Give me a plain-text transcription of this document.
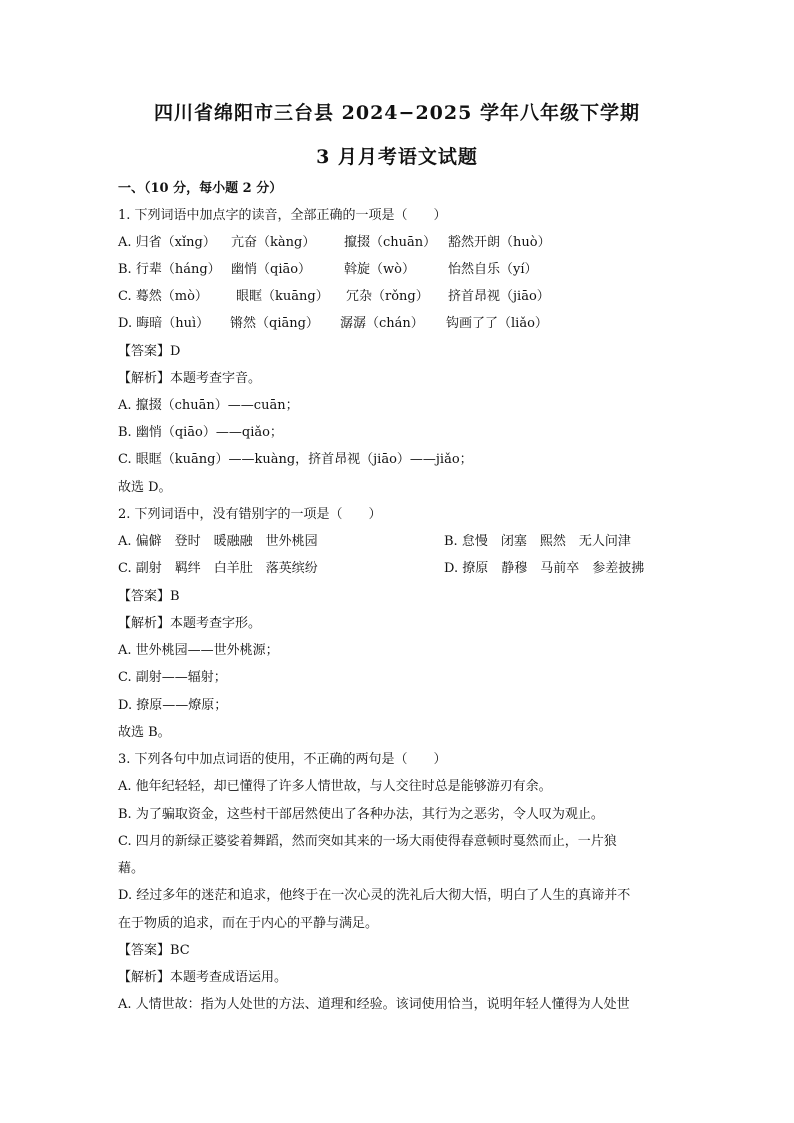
四川省绵阳市三台县 2024−2025 学年八年级下学期
3 月月考语文试题
一、（10 分，每小题 2 分）
1. 下列词语中加点字的读音，全部正确的一项是（　　）
A. 归省（xǐng） 亢奋（kàng） 攛掇（chuān） 豁然开朗（huò）
B. 行辈（háng） 幽悄（qiāo）	斡旋（wò）	怡然自乐（yí）
C. 蓦然（mò） 眼眶（kuāng） 冗杂（rǒng） 挤首昂视（jiāo）
D. 晦暗（huì） 锵然（qiāng） 潺潺（chán） 钩画了了（liǎo）
【答案】D
【解析】本题考查字音。
A. 攛掇（chuān）——cuān；
B. 幽悄（qiāo）——qiǎo；
C. 眼眶（kuāng）——kuàng，挤首昂视（jiāo）——jiǎo；
故选 D。
2. 下列词语中，没有错别字的一项是（　　）
A. 偏僻　登时　暖融融　世外桃园	B. 怠慢　闭塞　熙然　无人问津
C. 副射　羁绊　白羊肚　落英缤纷	D. 撩原　静穆　马前卒　参差披拂
【答案】B
【解析】本题考查字形。
A. 世外桃园——世外桃源；
C. 副射——辐射；
D. 撩原——燎原；
故选 B。
3. 下列各句中加点词语的使用，不正确的两句是（　　）
A. 他年纪轻轻，却已懂得了许多人情世故，与人交往时总是能够游刃有余。
B. 为了骗取资金，这些村干部居然使出了各种办法，其行为之恶劣，令人叹为观止。
C. 四月的新绿正婆娑着舞蹈，然而突如其来的一场大雨使得春意顿时戛然而止，一片狼
藉。
D. 经过多年的迷茫和追求，他终于在一次心灵的洗礼后大彻大悟，明白了人生的真谛并不
在于物质的追求，而在于内心的平静与满足。
【答案】BC
【解析】本题考查成语运用。
A. 人情世故：指为人处世的方法、道理和经验。该词使用恰当，说明年轻人懂得为人处世
